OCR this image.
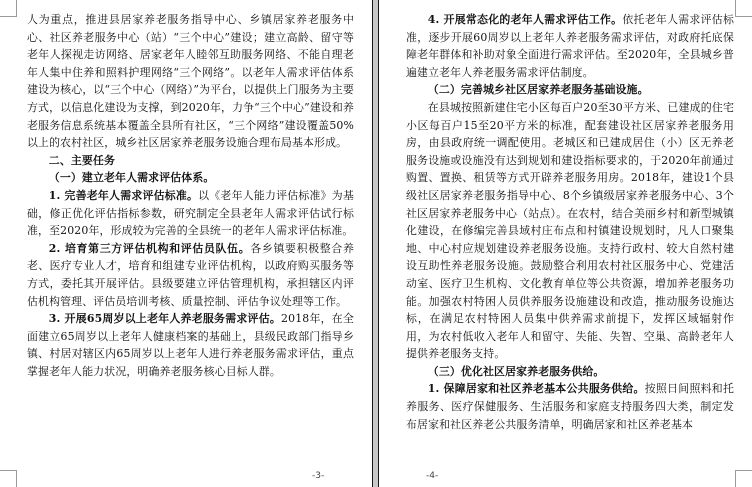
人为重点，推进县居家养老服务指导中心、乡镇居家养老服务中心、社区养老服务中心（站）“三个中心”建设；建立高龄、留守等老年人探视走访网络、居家老年人睦邻互助服务网络、不能自理老年人集中住养和照料护理网络“三个网络”。以老年人需求评估体系建设为核心，以“三个中心（网络）”为平台，以提供上门服务为主要方式，以信息化建设为支撑，到2020年，力争“三个中心”建设和养老服务信息系统基本覆盖全县所有社区，“三个网络”建设覆盖50%以上的农村社区，城乡社区居家养老服务设施合理布局基本形成。

二、主要任务

（一）建立老年人需求评估体系。

1. 完善老年人需求评估标准。以《老年人能力评估标准》为基础，修正优化评估指标参数，研究制定全县老年人需求评估试行标准，至2020年，形成较为完善的全县统一的老年人需求评估标准。

2. 培育第三方评估机构和评估员队伍。各乡镇要积极整合养老、医疗专业人才，培育和组建专业评估机构，以政府购买服务等方式，委托其开展评估。县级要建立评估管理机构，承担辖区内评估机构管理、评估员培训考核、质量控制、评估争议处理等工作。

3. 开展65周岁以上老年人养老服务需求评估。2018年，在全面建立65周岁以上老年人健康档案的基础上，县级民政部门指导乡镇、村居对辖区内65周岁以上老年人进行养老服务需求评估，重点掌握老年人能力状况，明确养老服务核心目标人群。

-3-

4. 开展常态化的老年人需求评估工作。依托老年人需求评估标准，逐步开展60周岁以上老年人养老服务需求评估，对政府托底保障老年群体和补助对象全面进行需求评估。至2020年，全县城乡普遍建立老年人养老服务需求评估制度。

（二）完善城乡社区居家养老服务基础设施。

在县城按照新建住宅小区每百户20至30平方米、已建成的住宅小区每百户15至20平方米的标准，配套建设社区居家养老服务用房，由县政府统一调配使用。老城区和已建成居住（小）区无养老服务设施或设施没有达到规划和建设指标要求的，于2020年前通过购置、置换、租赁等方式开辟养老服务用房。2018年，建设1个县级社区居家养老服务指导中心、8个乡镇级居家养老服务中心、3个社区居家养老服务中心（站点）。在农村，结合美丽乡村和新型城镇化建设，在修编完善县域村庄布点和村镇建设规划时，凡人口聚集地、中心村应规划建设养老服务设施。支持行政村、较大自然村建设互助性养老服务设施。鼓励整合利用农村社区服务中心、党建活动室、医疗卫生机构、文化教育单位等公共资源，增加养老服务功能。加强农村特困人员供养服务设施建设和改造，推动服务设施达标，在满足农村特困人员集中供养需求前提下，发挥区域辐射作用，为农村低收入老年人和留守、失能、失智、空巢、高龄老年人提供养老服务支持。

（三）优化社区居家养老服务供给。

1. 保障居家和社区养老基本公共服务供给。按照日间照料和托养服务、医疗保健服务、生活服务和家庭支持服务四大类，制定发布居家和社区养老公共服务清单，明确居家和社区养老基本

-4-
